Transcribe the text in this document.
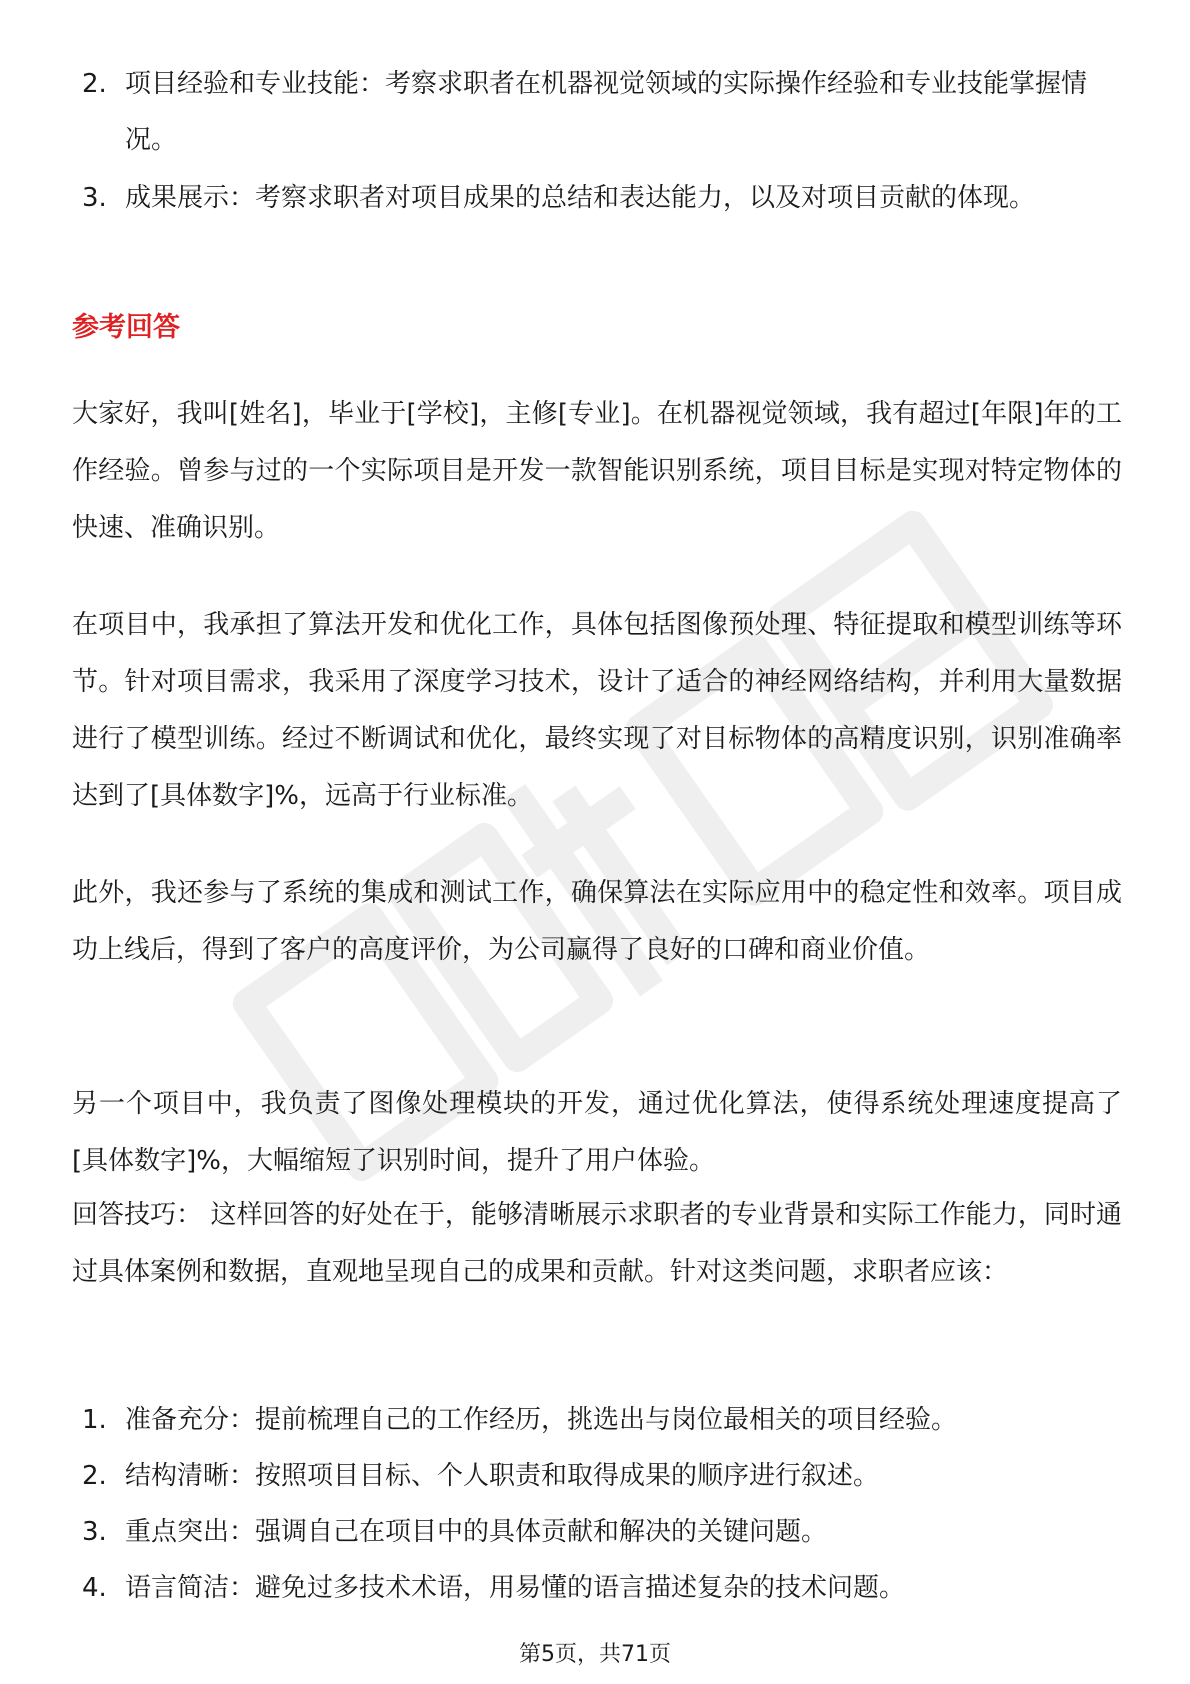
2. 项目经验和专业技能：考察求职者在机器视觉领域的实际操作经验和专业技能掌握情况。
3. 成果展示：考察求职者对项目成果的总结和表达能力，以及对项目贡献的体现。
参考回答

大家好，我叫[姓名]，毕业于[学校]，主修[专业]。在机器视觉领域，我有超过[年限]年的工作经验。曾参与过的一个实际项目是开发一款智能识别系统，项目目标是实现对特定物体的快速、准确识别。

在项目中，我承担了算法开发和优化工作，具体包括图像预处理、特征提取和模型训练等环节。针对项目需求，我采用了深度学习技术，设计了适合的神经网络结构，并利用大量数据进行了模型训练。经过不断调试和优化，最终实现了对目标物体的高精度识别，识别准确率达到了[具体数字]%，远高于行业标准。

此外，我还参与了系统的集成和测试工作，确保算法在实际应用中的稳定性和效率。项目成功上线后，得到了客户的高度评价，为公司赢得了良好的口碑和商业价值。

另一个项目中，我负责了图像处理模块的开发，通过优化算法，使得系统处理速度提高了[具体数字]%，大幅缩短了识别时间，提升了用户体验。

回答技巧： 这样回答的好处在于，能够清晰展示求职者的专业背景和实际工作能力，同时通过具体案例和数据，直观地呈现自己的成果和贡献。针对这类问题，求职者应该：

1. 准备充分：提前梳理自己的工作经历，挑选出与岗位最相关的项目经验。
2. 结构清晰：按照项目目标、个人职责和取得成果的顺序进行叙述。
3. 重点突出：强调自己在项目中的具体贡献和解决的关键问题。
4. 语言简洁：避免过多技术术语，用易懂的语言描述复杂的技术问题。
第5页，共71页
